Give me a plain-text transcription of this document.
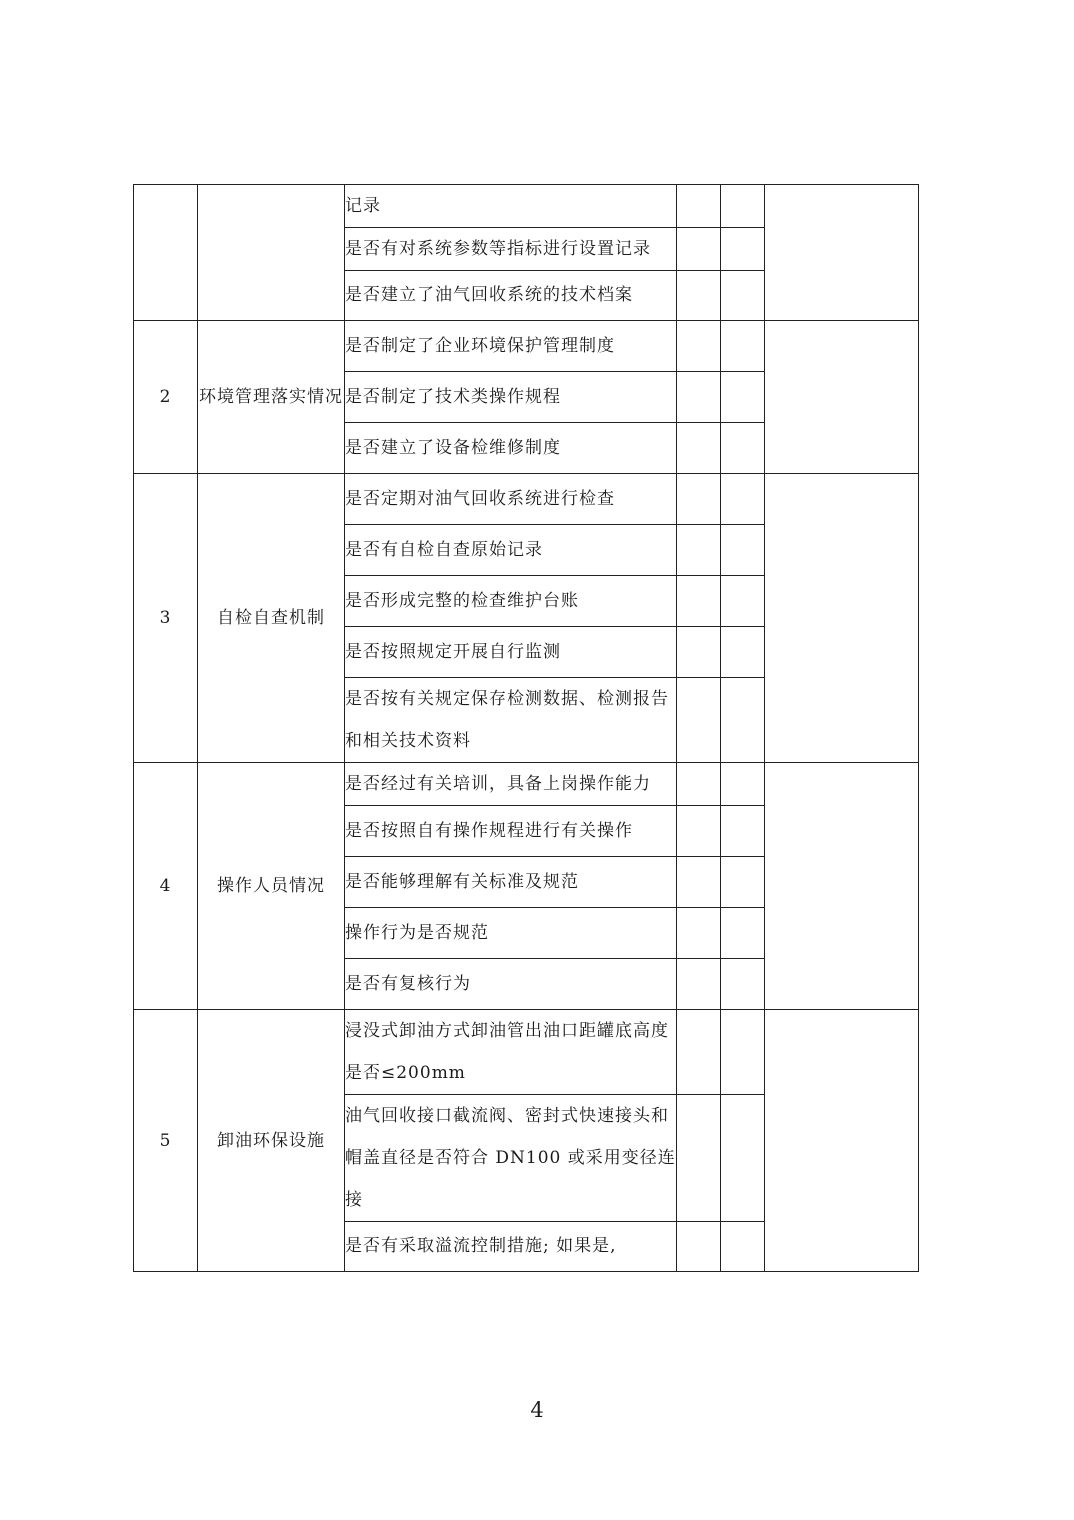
		记录			
		是否有对系统参数等指标进行设置记录			
		是否建立了油气回收系统的技术档案			
2	环境管理落实情况	是否制定了企业环境保护管理制度			
		是否制定了技术类操作规程			
		是否建立了设备检维修制度			
3	自检自查机制	是否定期对油气回收系统进行检查			
		是否有自检自查原始记录			
		是否形成完整的检查维护台账			
		是否按照规定开展自行监测			
		是否按有关规定保存检测数据、检测报告和相关技术资料			
4	操作人员情况	是否经过有关培训，具备上岗操作能力			
		是否按照自有操作规程进行有关操作			
		是否能够理解有关标准及规范			
		操作行为是否规范			
		是否有复核行为			
5	卸油环保设施	浸没式卸油方式卸油管出油口距罐底高度是否≤200mm			
		油气回收接口截流阀、密封式快速接头和帽盖直径是否符合 DN100 或采用变径连接			
		是否有采取溢流控制措施; 如果是,			
4
